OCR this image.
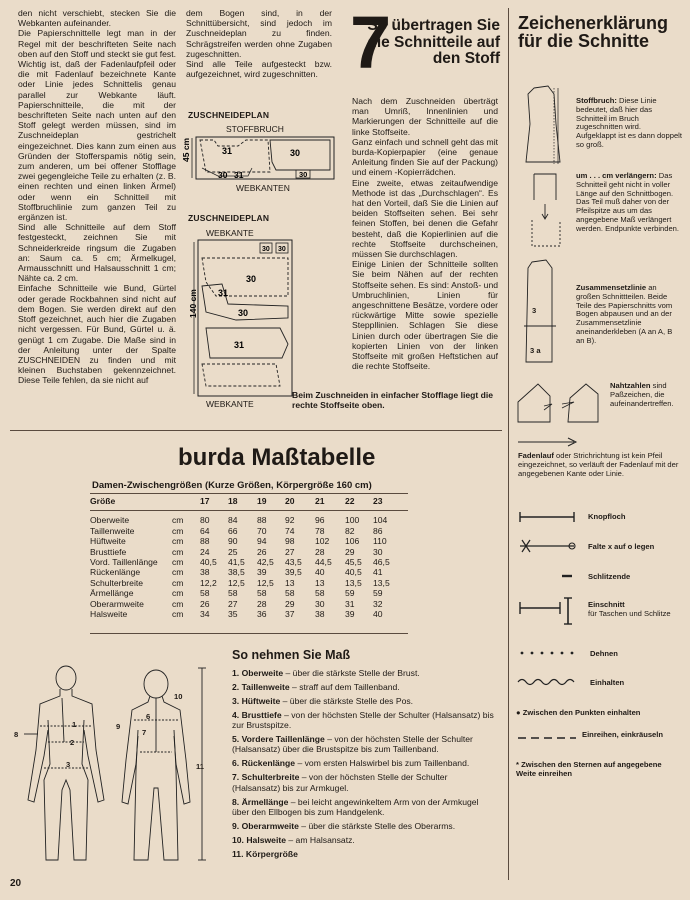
den nicht verschiebt, stecken Sie die Webkanten aufeinander.

Die Papierschnittelle legt man in der Regel mit der beschrifteten Seite nach oben auf den Stoff und steckt sie gut fest. Wichtig ist, daß der Fadenlaufpfeil oder die mit Fadenlauf bezeichnete Kante oder Linie jedes Schnittelis genau parallel zur Webkante läuft. Papierschnitteile, die mit der beschrifteten Seite nach unten auf den Stoff gelegt werden müssen, sind im Zuschneideplan gestrichelt eingezeichnet. Dies kann zum einen aus Gründen der Stofferspamis nötig sein, zum anderen, um bei offener Stofflage zwei gegengleiche Teile zu erhalten (z. B. einen rechten und einen linken Ärmel) oder wenn ein Schnitteil mit Stoffbruchlinie zum ganzen Teil zu ergänzen ist.

Sind alle Schnitteile auf dem Stoff festgesteckt, zeichnen Sie mit Schneiderkreide ringsum die Zugaben an: Saum ca. 5 cm; Ärmelkugel, Armausschnitt und Halsausschnitt 1 cm; Nähte ca. 2 cm.

Einfache Schnitteile wie Bund, Gürtel oder gerade Rockbahnen sind nicht auf dem Bogen. Sie werden direkt auf den Stoff gezeichnet, auch hier die Zugaben nicht vergessen. Für Bund, Gürtel u. ä. genügt 1 cm Zugabe. Die Maße sind in der Anleitung unter der Spalte ZUSCHNEIDEN zu finden und mit kleinen Buchstaben gekennzeichnet. Diese Teile fehlen, da sie nicht auf

dem Bogen sind, in der Schnittübersicht, sind jedoch im Zuschneideplan zu finden. Schrägstreifen werden ohne Zugaben zugeschnitten.

Sind alle Teile aufgesteckt bzw. aufgezeichnet, wird zugeschnitten.

ZUSCHNEIDEPLAN
STOFFBRUCH
WEBKANTEN
45 cm	31	30
30 31	30
ZUSCHNEIDEPLAN
WEBKANTE
WEBKANTE
140 cm
30 30
30
31
30
31
Beim Zuschneiden in einfacher Stofflage liegt die rechte Stoffseite oben.
7
So übertragen Sie die Schnitteile auf den Stoff

Nach dem Zuschneiden überträgt man Umriß, Innenlinien und Markierungen der Schnitteile auf die linke Stoffseite.

Ganz einfach und schnell geht das mit burda-Kopierpapier (eine genaue Anleitung finden Sie auf der Packung) und einem -Kopierrädchen.

Eine zweite, etwas zeitaufwendige Methode ist das „Durchschlagen“. Es hat den Vorteil, daß Sie die Linien auf beiden Stoffseiten sehen. Bei sehr feinen Stoffen, bei denen die Gefahr besteht, daß die Kopierlinien auf die rechte Stoffseite durchscheinen, müssen Sie durchschlagen.

Einige Linien der Schnitteile sollten Sie beim Nähen auf der rechten Stoffseite sehen. Es sind: Anstoß- und Umbruchlinien, Linien für angeschnittene Besätze, vordere oder rückwärtige Mitte sowie spezielle Steppllinien. Schlagen Sie diese Linien durch oder übertragen Sie die kopierten Linien von der linken Stoffseite mit großen Heftstichen auf die rechte Stoffseite.

Zeichenerklärung für die Schnitte
Stoffbruch: Diese Linie bedeutet, daß hier das Schnitteil im Bruch zugeschnitten wird. Aufgeklappt ist es dann doppelt so groß.
um . . . cm verlängern: Das Schnitteil geht nicht in voller Länge auf den Schnittbogen. Das Teil muß daher von der Pfeilspitze aus um das angegebene Maß verlängert werden. Endpunkte verbinden.
3
3 a
Zusammensetzlinie an großen Schnittteilen. Beide Teile des Papierschnitts vom Bogen abpausen und an der Zusammensetzlinie aneinanderkleben (A an A, B an B).
Nahtzahlen sind Paßzeichen, die aufeinandertreffen.
Fadenlauf oder Strichrichtung ist kein Pfeil eingezeichnet, so verläuft der Fadenlauf mit der angegebenen Kante oder Linie.
Knopfloch
Falte x auf o legen
Schlitzende
Einschnitt
für Taschen und Schlitze
Dehnen
Einhalten
● Zwischen den Punkten einhalten
Einreihen, einkräuseln
* Zwischen den Sternen auf angegebene Weite einreihen
burda Maßtabelle
Damen-Zwischengrößen (Kurze Größen, Körpergröße 160 cm)
Größe		17	18	19	20	21	22	23

Oberweite	cm	80	84	88	92	96	100	104
Taillenweite	cm	64	66	70	74	78	82	86
Hüftweite	cm	88	90	94	98	102	106	110
Brusttiefe	cm	24	25	26	27	28	29	30
Vord. Taillenlänge	cm	40,5	41,5	42,5	43,5	44,5	45,5	46,5
Rückenlänge	cm	38	38,5	39	39,5	40	40,5	41
Schulterbreite	cm	12,2	12,5	12,5	13	13	13,5	13,5
Ärmellänge	cm	58	58	58	58	58	59	59
Oberarmweite	cm	26	27	28	29	30	31	32
Halsweite	cm	34	35	36	37	38	39	40
8
1
2
3
9
6
10
7
11
So nehmen Sie Maß
1. Oberweite – über die stärkste Stelle der Brust.
2. Taillenweite – straff auf dem Taillenband.
3. Hüftweite – über die stärkste Stelle des Pos.
4. Brusttiefe – von der höchsten Stelle der Schulter (Halsansatz) bis zur Brustspitze.
5. Vordere Taillenlänge – von der höchsten Stelle der Schulter (Halsansatz) über die Brustspitze bis zum Taillenband.
6. Rückenlänge – vom ersten Halswirbel bis zum Taillenband.
7. Schulterbreite – von der höchsten Stelle der Schulter (Halsansatz) bis zur Armkugel.
8. Ärmellänge – bei leicht angewinkeltem Arm von der Armkugel über den Ellbogen bis zum Handgelenk.
9. Oberarmweite – über die stärkste Stelle des Oberarms.
10. Halsweite – am Halsansatz.
11. Körpergröße
20
